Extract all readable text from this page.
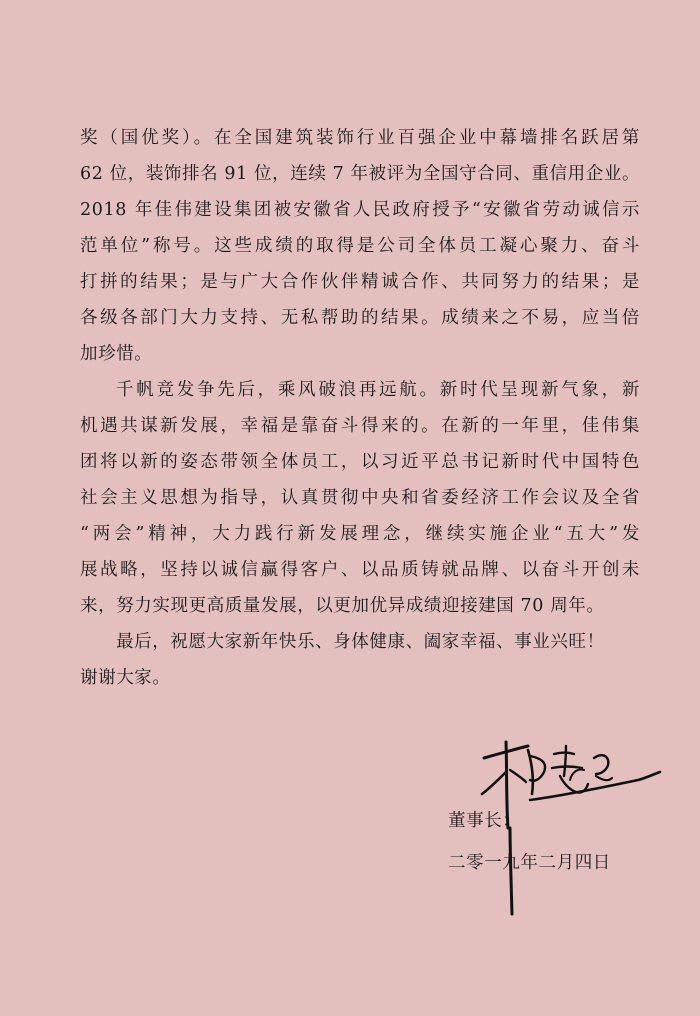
奖（国优奖）。在全国建筑装饰行业百强企业中幕墙排名跃居第
62 位，装饰排名 91 位，连续 7 年被评为全国守合同、重信用企业。
2018 年佳伟建设集团被安徽省人民政府授予“安徽省劳动诚信示
范单位”称号。这些成绩的取得是公司全体员工凝心聚力、奋斗
打拼的结果；是与广大合作伙伴精诚合作、共同努力的结果；是
各级各部门大力支持、无私帮助的结果。成绩来之不易，应当倍
加珍惜。
千帆竞发争先后，乘风破浪再远航。新时代呈现新气象，新
机遇共谋新发展，幸福是靠奋斗得来的。在新的一年里，佳伟集
团将以新的姿态带领全体员工，以习近平总书记新时代中国特色
社会主义思想为指导，认真贯彻中央和省委经济工作会议及全省
“两会”精神，大力践行新发展理念，继续实施企业“五大”发
展战略，坚持以诚信赢得客户、以品质铸就品牌、以奋斗开创未
来，努力实现更高质量发展，以更加优异成绩迎接建国 70 周年。
最后，祝愿大家新年快乐、身体健康、阖家幸福、事业兴旺！
谢谢大家。
董事长：
二零一九年二月四日
